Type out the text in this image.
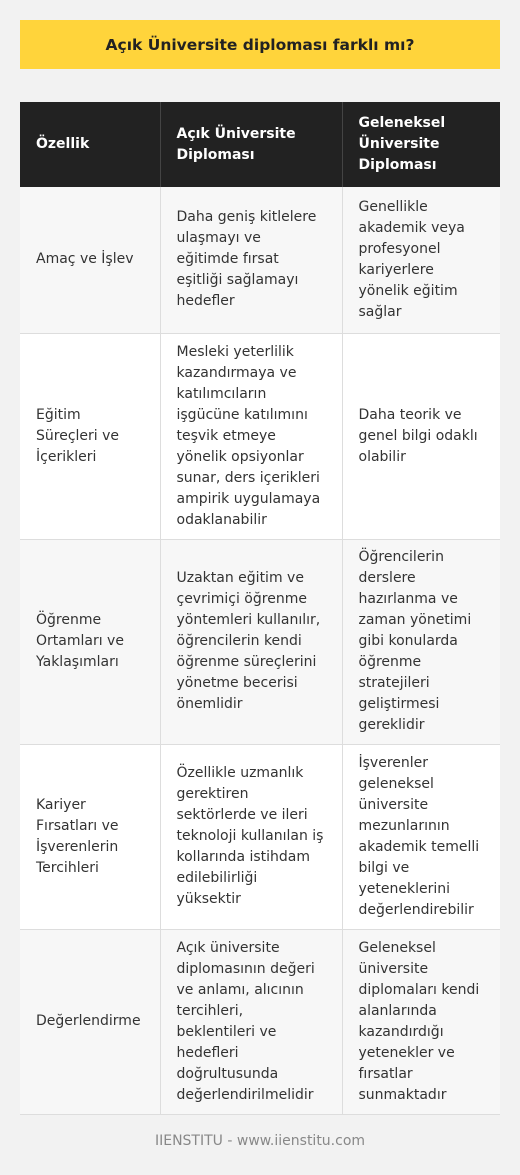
Açık Üniversite diploması farklı mı?
Özellik	Açık Üniversite Diploması	Geleneksel Üniversite Diploması
Amaç ve İşlev	Daha geniş kitlelere ulaşmayı ve eğitimde fırsat eşitliği sağlamayı hedefler	Genellikle akademik veya profesyonel kariyerlere yönelik eğitim sağlar
Eğitim Süreçleri ve İçerikleri	Mesleki yeterlilik kazandırmaya ve katılımcıların işgücüne katılımını teşvik etmeye yönelik opsiyonlar sunar, ders içerikleri ampirik uygulamaya odaklanabilir	Daha teorik ve genel bilgi odaklı olabilir
Öğrenme Ortamları ve Yaklaşımları	Uzaktan eğitim ve çevrimiçi öğrenme yöntemleri kullanılır, öğrencilerin kendi öğrenme süreçlerini yönetme becerisi önemlidir	Öğrencilerin derslere hazırlanma ve zaman yönetimi gibi konularda öğrenme stratejileri geliştirmesi gereklidir
Kariyer Fırsatları ve İşverenlerin Tercihleri	Özellikle uzmanlık gerektiren sektörlerde ve ileri teknoloji kullanılan iş kollarında istihdam edilebilirliği yüksektir	İşverenler geleneksel üniversite mezunlarının akademik temelli bilgi ve yeteneklerini değerlendirebilir
Değerlendirme	Açık üniversite diplomasının değeri ve anlamı, alıcının tercihleri, beklentileri ve hedefleri doğrultusunda değerlendirilmelidir	Geleneksel üniversite diplomaları kendi alanlarında kazandırdığı yetenekler ve fırsatlar sunmaktadır
IIENSTITU - www.iienstitu.com
